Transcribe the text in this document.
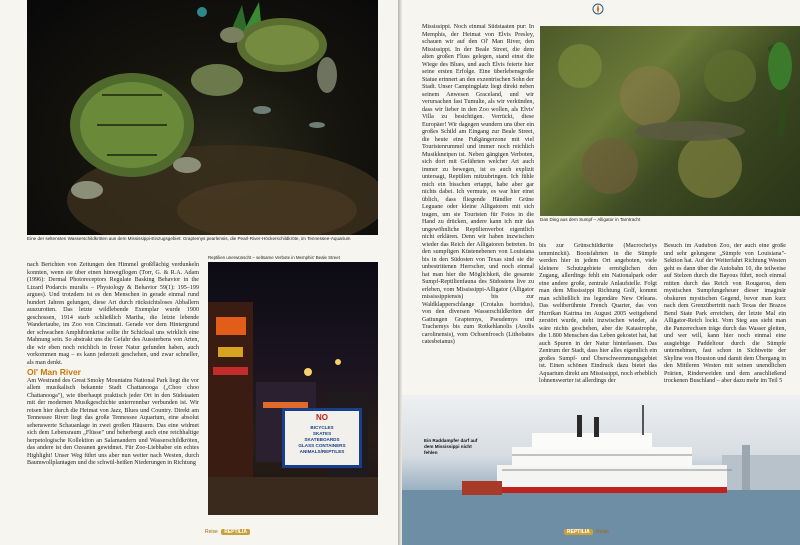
Eine der seltensten Wasserschildkröten aus dem Mississippi-Einzugsgebiet: Graptemys pearlensis, die Pearl-River-Höckerschildkröte, im Tennessee-Aquarium

nach Berichten von Zeitungen den Himmel großflächig verdunkeln konnten, wenn sie über einen hinwegflogen (Torr, G. & R.A. Adam (1996): Dermal Photoreceptors Regulate Basking Behavior in the Lizard Podarcis muralis – Physiology & Behavior 59(1): 195–199 argues). Und trotzdem ist es den Menschen in gerade einmal rund hundert Jahren gelungen, diese Art durch rücksichtsloses Abballern auszurotten. Das letzte wildlebende Exemplar wurde 1900 geschossen, 1914 starb schließlich Martha, die letzte lebende Wandertaube, im Zoo von Cincinnati. Gerade vor dem Hintergrund der schwachen Amphibienkrise sollte ihr Schicksal uns wirklich eine Mahnung sein. So abstrakt uns die Gefahr des Aussterbens von Arten, die wir eben noch reichlich in freier Natur gefunden haben, auch vorkommen mag – es kann jederzeit geschehen, und zwar schneller, als man denkt.

Ol' Man River

Am Westrand des Great Smoky Mountains National Park liegt die vor allem musikalisch bekannte Stadt Chattanooga („Choo choo Chattanooga"), wie überhaupt praktisch jeder Ort in den Südstaaten mit der modernen Musikgeschichte unterrennbar verbunden ist. Wir reisen hier durch die Heimat von Jazz, Blues und Country. Direkt am Tennessee River liegt das große Tennessee Aquarium, eine absolut sehenswerte Schauanlage in zwei großen Häusern. Das eine widmet sich dem Lebensraum „Flüsse" und beherbergt auch eine reichhaltige herpetologische Kollektion an Salamandern und Wasserschildkröten, das andere ist den Ozeanen gewidmet. Für Zoo-Liebhaber ein echtes Highlight! Unser Weg führt uns aber nun weiter nach Westen, durch Baumwollplantagen und die schwül-heißen Niederungen in Richtung

Reptilien unerwünscht – seltsame Verbote in Memphis' Beale Street
NO
BICYCLES
SKATES
SKATEBOARDS
GLASS CONTAINERS
ANIMALS/REPTILES
Reise REPTILIA

Mississippi. Noch einmal Südstaaten pur: In Memphis, der Heimat von Elvis Presley, schauen wir auf den Ol' Man River, den Mississippi. In der Beale Street, die dem alten großen Fluss gelegen, stand einst die Wiege des Blues, und auch Elvis feierte hier seine ersten Erfolge. Eine überlebensgroße Statue erinnert an den exzentrischen Sohn der Stadt. Unser Campingplatz liegt direkt neben seinem Anwesen Graceland, und wir verursachen fast Tumulte, als wir verkünden, dass wir lieber in den Zoo wollen, als Elvis' Villa zu besichtigen. Verrückt, diese Europäer! Wir dagegen wundern uns über ein großes Schild am Eingang zur Beale Street, die heute eine Fußgängerzone mit viel Touristenrummel und immer noch reichlich Musikkneipen ist. Neben gängigen Verboten, sich dort mit Gefährten welcher Art auch immer zu bewegen, ist es auch explizit untersagt, Reptilien mitzubringen. Ich fühle mich ein bisschen ertappt, habe aber gar nichts dabei. Ich vermute, es war hier einst üblich, dass fliegende Händler Grüne Leguane oder kleine Alligatoren mit sich tragen, um sie Touristen für Fotos in die Hand zu drücken, andere kann ich mir das ungewöhnliche Reptilienverbot eigentlich nicht erklären. Denn wir haben inzwischen wieder das Reich der Alligatoren betreten. In den sumpfigen Küstenebenen von Louisiana bis in den Südosten von Texas sind sie die unbestrittenen Herrscher, und noch einmal hat man hier die Möglichkeit, die gesamte Sumpf-Reptilienfauna des Südostens live zu erleben, vom Mississippi-Alligator (Alligator mississippiensis) bis zur Waldklapperschlange (Crotalus horridus), von den diversen Wasserschildkröten der Gattungen Graptemys, Pseudemys und Trachemys bis zum Rotkehlanolis (Anolis carolinensis), vom Ochsenfrosch (Lithobates catesbeianus)

Das Ding aus dem Sumpf – Alligator in Tarntracht

bis zur Grünschildkröte (Macrochelys temminckii). Bootsfahrten in die Sümpfe werden hier in jedem Ort angeboten, viele kleinere Schutzgebiete ermöglichen den Zugang, allerdings fehlt ein Nationalpark oder eine andere große, zentrale Anlaufstelle. Folgt man dem Mississippi Richtung Golf, kommt man schließlich ins legendäre New Orleans. Das weltberühmte French Quarter, das von Hurrikan Katrina im August 2005 weitgehend zerstört wurde, steht inzwischen wieder, als wäre nichts geschehen, aber die Katastrophe, die 1.800 Menschen das Leben gekostet hat, hat auch Spuren in der Natur hinterlassen. Das Zentrum der Stadt, dass hier alles eigentlich ein großes Sumpf- und Überschwemmungsgebiet ist. Einen schönen Eindruck dazu bietet das Aquarium direkt am Mississippi, noch erheblich lohnenswerter ist allerdings der

Besuch im Audubon Zoo, der auch eine große und sehr gelungene „Sümpfe von Louisiana"-Sektion hat. Auf der Weiterfahrt Richtung Westen geht es dann über die Autobahn 10, die teilweise auf Stelzen durch die Bayous führt, noch einmal mitten durch das Reich von Rougarou, dem mystischen Sumpfungeheuer dieser imaginär obskuren mystischen Gegend, bevor man kurz nach dem Grenzübertritt nach Texas der Brazos Bend State Park erreichen, der letzte Mal ein Alligator-Reich lockt. Vom Steg aus sieht man die Panzerechsen träge durch das Wasser gleiten, und wer will, kann hier noch einmal eine ausgiebige Paddeltour durch die Sümpfe unternehmen, fast schon in Sichtweite der Skyline von Houston und damit dem Übergang in den Mittleren Westen mit seinen unendlichen Prärien, Rinderweiden und dem anschließend trockenen Buschland – aber dazu mehr im Teil 5

Ein Raddampfer darf auf dem Mississippi nicht fehlen
REPTILIA Reise
